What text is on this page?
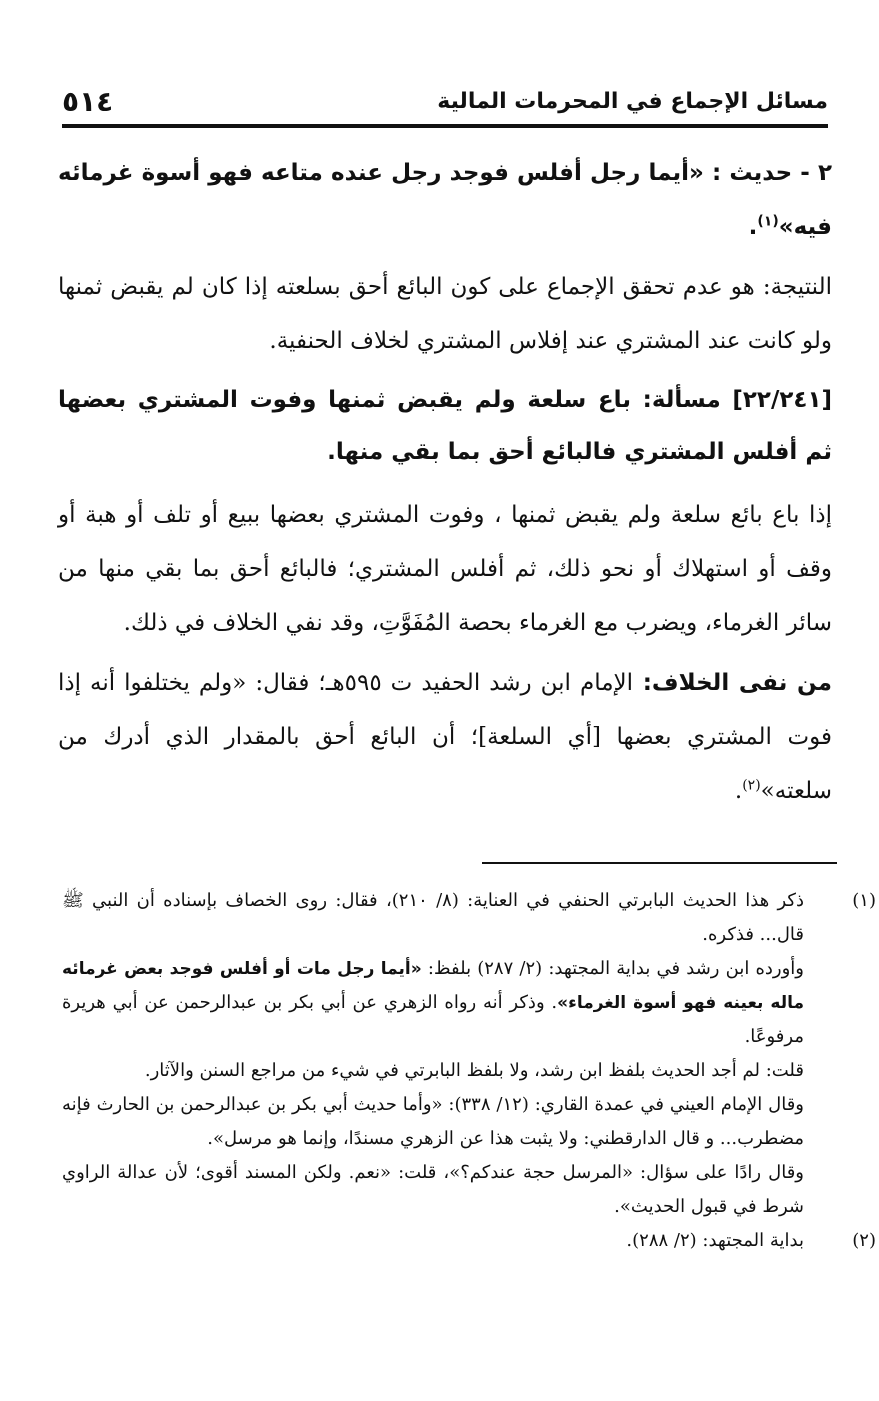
مسائل الإجماع في المحرمات المالية
٥١٤

٢ - حديث : «أيما رجل أفلس فوجد رجل عنده متاعه فهو أسوة غرمائه فيه»$^{(١)}$.

النتيجة: هو عدم تحقق الإجماع على كون البائع أحق بسلعته إذا كان لم يقبض ثمنها ولو كانت عند المشتري عند إفلاس المشتري لخلاف الحنفية.

[٢٢/٢٤١] مسألة: باع سلعة ولم يقبض ثمنها وفوت المشتري بعضها ثم أفلس المشتري فالبائع أحق بما بقي منها.

إذا باع بائع سلعة ولم يقبض ثمنها ، وفوت المشتري بعضها ببيع أو تلف أو هبة أو وقف أو استهلاك أو نحو ذلك، ثم أفلس المشتري؛ فالبائع أحق بما بقي منها من سائر الغرماء، ويضرب مع الغرماء بحصة المُفَوَّتِ، وقد نفي الخلاف في ذلك.

من نفى الخلاف: الإمام ابن رشد الحفيد ت ٥٩٥هـ؛ فقال: «ولم يختلفوا أنه إذا فوت المشتري بعضها [أي السلعة]؛ أن البائع أحق بالمقدار الذي أدرك من سلعته»$^{(٢)}$.

(١)ذكر هذا الحديث البابرتي الحنفي في العناية: (٨/ ٢١٠)، فقال: روى الخصاف بإسناده أن النبي ﷺ قال... فذكره.

وأورده ابن رشد في بداية المجتهد: (٢/ ٢٨٧) بلفظ: «أيما رجل مات أو أفلس فوجد بعض غرمائه ماله بعينه فهو أسوة الغرماء». وذكر أنه رواه الزهري عن أبي بكر بن عبدالرحمن عن أبي هريرة مرفوعًا.

قلت: لم أجد الحديث بلفظ ابن رشد، ولا بلفظ البابرتي في شيء من مراجع السنن والآثار.

وقال الإمام العيني في عمدة القاري: (١٢/ ٣٣٨): «وأما حديث أبي بكر بن عبدالرحمن بن الحارث فإنه مضطرب... و قال الدارقطني: ولا يثبت هذا عن الزهري مسندًا، وإنما هو مرسل».

وقال رادًا على سؤال: «المرسل حجة عندكم؟»، قلت: «نعم. ولكن المسند أقوى؛ لأن عدالة الراوي شرط في قبول الحديث».

(٢)بداية المجتهد: (٢/ ٢٨٨).
